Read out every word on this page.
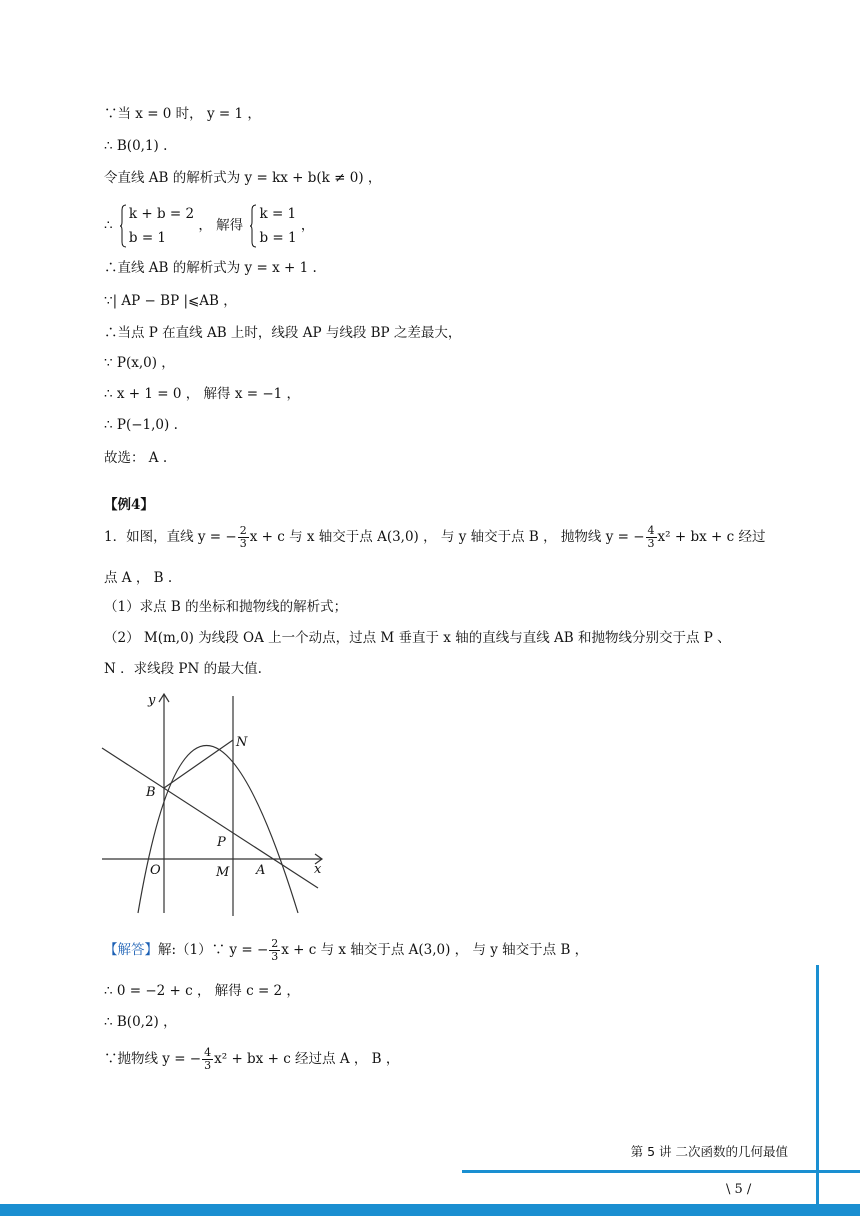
∵当 x = 0 时， y = 1 ，
∴ B(0,1) .
令直线 AB 的解析式为 y = kx + b(k ≠ 0) ，
∴
k + b = 2
b = 1
， 解得
k = 1
b = 1
，
∴直线 AB 的解析式为 y = x + 1 .
∵| AP − BP |⩽AB ，
∴当点 P 在直线 AB 上时，线段 AP 与线段 BP 之差最大，
∵ P(x,0) ，
∴ x + 1 = 0 ， 解得 x = −1 ，
∴ P(−1,0) .
故选： A .
【例4】
1．如图，直线 y = − $\frac{2}{3}$ x + c 与 x 轴交于点 A(3,0) ， 与 y 轴交于点 B ， 抛物线 y = − $\frac{4}{3} x^2$ + bx + c 经过
点 A ， B .
（1）求点 B 的坐标和抛物线的解析式；
（2） M(m,0) 为线段 OA 上一个动点，过点 M 垂直于 x 轴的直线与直线 AB 和抛物线分别交于点 P 、
N ．求线段 PN 的最大值.
y
x
N
B
P
O	M A
【解答】解:（1）∵ y = − $\frac{2}{3}$ x + c 与 x 轴交于点 A(3,0) ， 与 y 轴交于点 B ，
∴ 0 = −2 + c ， 解得 c = 2 ，
∴ B(0,2) ，
∵抛物线 y = − $\frac{4}{3} x^2$ + bx + c 经过点 A ， B ，
第 5 讲 二次函数的几何最值
\ 5 /
